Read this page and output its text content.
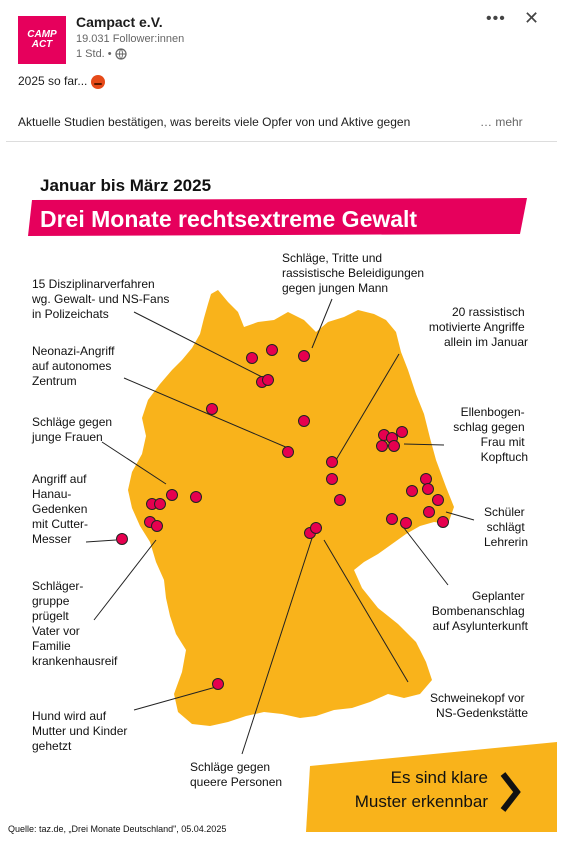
CAMP
ACT
Campact e.V.
19.031 Follower:innen
1 Std. •
••• ✕
2025 so far...
Aktuelle Studien bestätigen, was bereits viele Opfer von und Aktive gegen	… mehr
Januar bis März 2025
Drei Monate rechtsextreme Gewalt
15 Disziplinarverfahren wg. Gewalt- und NS-Fans in Polizeichats
Schläge, Tritte und rassistische Beleidigungen gegen jungen Mann
20 rassistisch motivierte Angriffe allein im Januar
Neonazi-Angriff auf autonomes Zentrum
Schläge gegen junge Frauen
Ellenbogen- schlag gegen Frau mit Kopftuch
Angriff auf Hanau- Gedenken mit Cutter- Messer
Schüler schlägt Lehrerin
Schläger- gruppe prügelt Vater vor Familie krankenhausreif
Geplanter Bombenanschlag auf Asylunterkunft
Schweinekopf vor NS-Gedenkstätte
Hund wird auf Mutter und Kinder gehetzt
Schläge gegen queere Personen	Es sind klare
Muster erkennbar
Quelle: taz.de, „Drei Monate Deutschland", 05.04.2025
